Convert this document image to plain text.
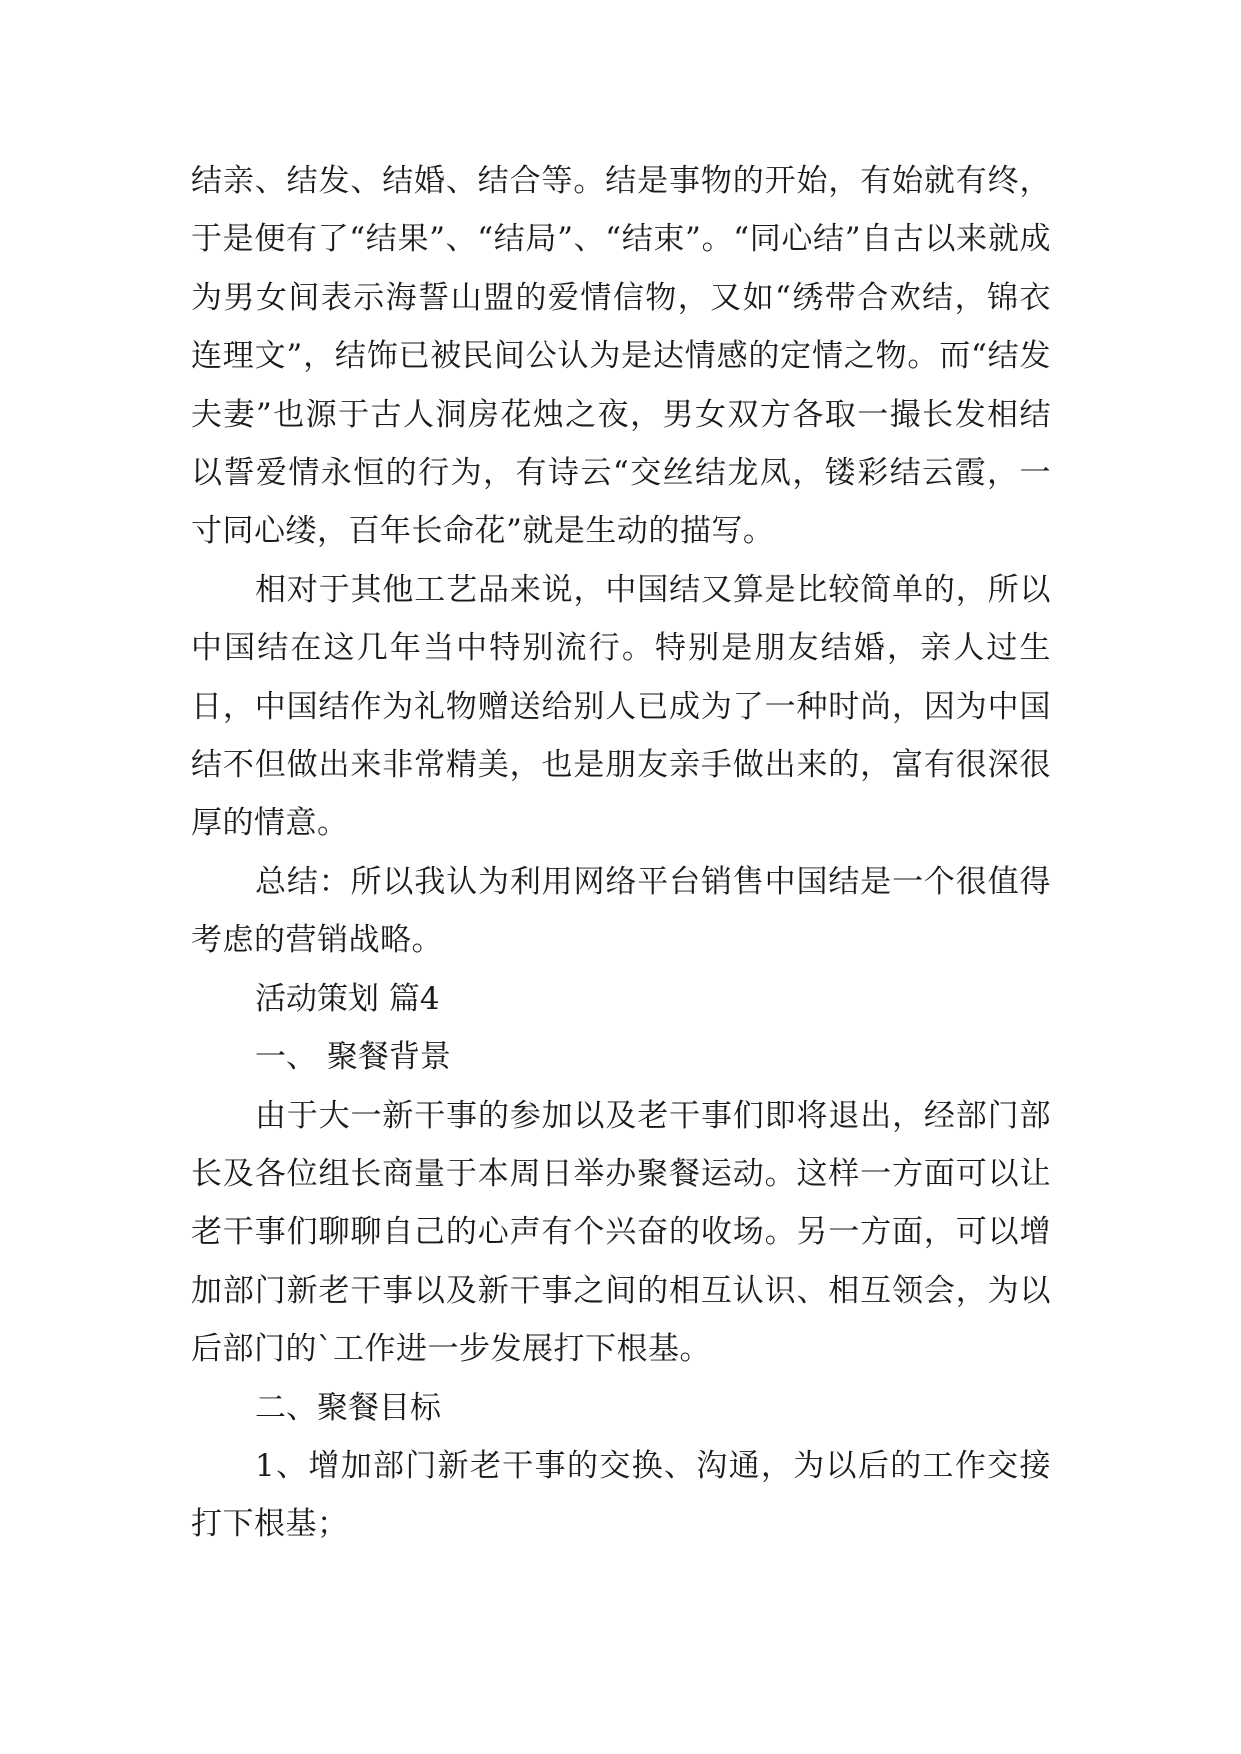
结亲、结发、结婚、结合等。结是事物的开始，有始就有终，于是便有了“结果”、“结局”、“结束”。“同心结”自古以来就成为男女间表示海誓山盟的爱情信物，又如“绣带合欢结，锦衣连理文”，结饰已被民间公认为是达情感的定情之物。而“结发夫妻”也源于古人洞房花烛之夜，男女双方各取一撮长发相结以誓爱情永恒的行为，有诗云“交丝结龙凤，镂彩结云霞，一寸同心缕，百年长命花”就是生动的描写。

相对于其他工艺品来说，中国结又算是比较简单的，所以中国结在这几年当中特别流行。特别是朋友结婚，亲人过生日，中国结作为礼物赠送给别人已成为了一种时尚，因为中国结不但做出来非常精美，也是朋友亲手做出来的，富有很深很厚的情意。

总结：所以我认为利用网络平台销售中国结是一个很值得考虑的营销战略。

活动策划 篇4

一、 聚餐背景

由于大一新干事的参加以及老干事们即将退出，经部门部长及各位组长商量于本周日举办聚餐运动。这样一方面可以让老干事们聊聊自己的心声有个兴奋的收场。另一方面，可以增加部门新老干事以及新干事之间的相互认识、相互领会，为以后部门的`工作进一步发展打下根基。

二、聚餐目标

1、增加部门新老干事的交换、沟通，为以后的工作交接打下根基；
